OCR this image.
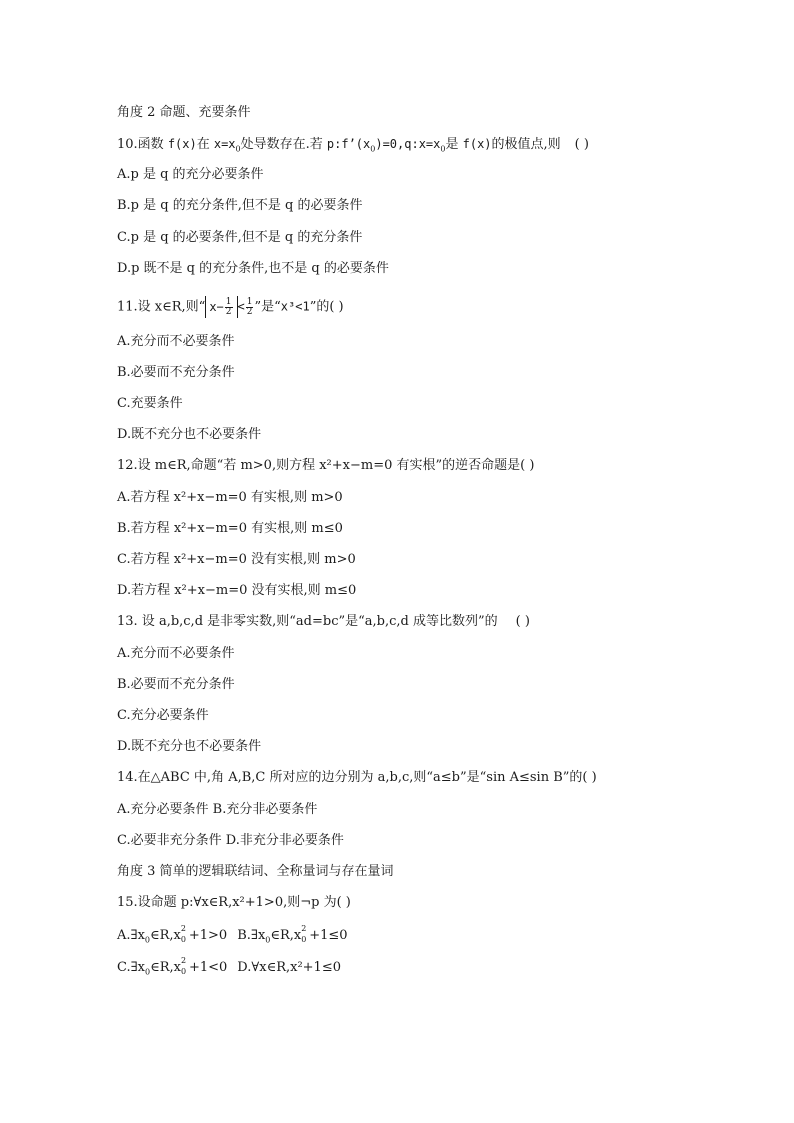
角度 2 命题、充要条件
10.函数 f(x)在 $x=x_0$处导数存在.若 $p:f’(x_0)=0,q:x=x_0$是 f(x)的极值点,则 ( )
A.p 是 q 的充分必要条件
B.p 是 q 的充分条件,但不是 q 的必要条件
C.p 是 q 的必要条件,但不是 q 的充分条件
D.p 既不是 q 的充分条件,也不是 q 的必要条件
11.设 x∈R,则“ $x- \frac{1}{2} < \frac{1}{2}$ ”是“x³<1”的( )
A.充分而不必要条件
B.必要而不充分条件
C.充要条件
D.既不充分也不必要条件
12.设 m∈R,命题“若 m>0,则方程 x²+x−m=0 有实根”的逆否命题是( )
A.若方程 x²+x−m=0 有实根,则 m>0
B.若方程 x²+x−m=0 有实根,则 m≤0
C.若方程 x²+x−m=0 没有实根,则 m>0
D.若方程 x²+x−m=0 没有实根,则 m≤0
13. 设 a,b,c,d 是非零实数,则“ad=bc”是“a,b,c,d 成等比数列”的 ( )
A.充分而不必要条件
B.必要而不充分条件
C.充分必要条件
D.既不充分也不必要条件
14.在△ABC 中,角 A,B,C 所对应的边分别为 a,b,c,则“a≤b”是“sin A≤sin B”的( )
A.充分必要条件 B.充分非必要条件
C.必要非充分条件 D.非充分非必要条件
角度 3 简单的逻辑联结词、全称量词与存在量词
15.设命题 p:∀x∈R,x²+1>0,则¬p 为( )
$A.\exists x_0\in R,x$ 2
0 +1>0 $B.\exists x_0\in R,x$ 2
0 +1≤0
$C.\exists x_0\in R,x$ 2
0 +1<0 D.∀x∈R,x²+1≤0
